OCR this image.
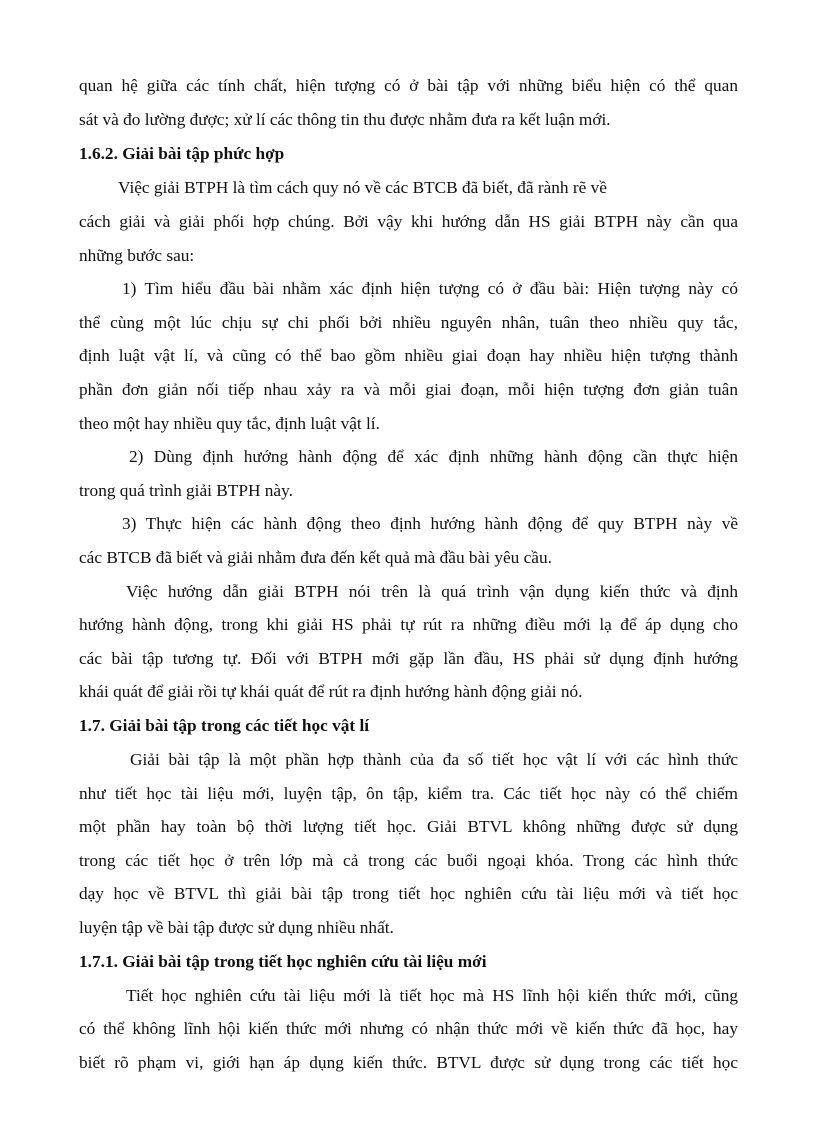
quan hệ giữa các tính chất, hiện tượng có ở bài tập với những biểu hiện có thể quan
sát và đo lường được; xử lí các thông tin thu được nhằm đưa ra kết luận mới.
1.6.2. Giải bài tập phức hợp
Việc giải BTPH là tìm cách quy nó về các BTCB đã biết, đã rành rẽ về
cách giải và giải phối hợp chúng. Bởi vậy khi hướng dẫn HS giải BTPH này cần qua
những bước sau:
1) Tìm hiểu đầu bài nhằm xác định hiện tượng có ở đầu bài: Hiện tượng này có
thể cùng một lúc chịu sự chi phối bởi nhiều nguyên nhân, tuân theo nhiều quy tắc,
định luật vật lí, và cũng có thể bao gồm nhiều giai đoạn hay nhiều hiện tượng thành
phần đơn giản nối tiếp nhau xảy ra và mỗi giai đoạn, mỗi hiện tượng đơn giản tuân
theo một hay nhiều quy tắc, định luật vật lí.
2) Dùng định hướng hành động để xác định những hành động cần thực hiện
trong quá trình giải BTPH này.
3) Thực hiện các hành động theo định hướng hành động để quy BTPH này về
các BTCB đã biết và giải nhằm đưa đến kết quả mà đầu bài yêu cầu.
Việc hướng dẫn giải BTPH nói trên là quá trình vận dụng kiến thức và định
hướng hành động, trong khi giải HS phải tự rút ra những điều mới lạ để áp dụng cho
các bài tập tương tự. Đối với BTPH mới gặp lần đầu, HS phải sử dụng định hướng
khái quát để giải rồi tự khái quát để rút ra định hướng hành động giải nó.
1.7. Giải bài tập trong các tiết học vật lí
Giải bài tập là một phần hợp thành của đa số tiết học vật lí với các hình thức
như tiết học tài liệu mới, luyện tập, ôn tập, kiểm tra. Các tiết học này có thể chiếm
một phần hay toàn bộ thời lượng tiết học. Giải BTVL không những được sử dụng
trong các tiết học ở trên lớp mà cả trong các buổi ngoại khóa. Trong các hình thức
dạy học về BTVL thì giải bài tập trong tiết học nghiên cứu tài liệu mới và tiết học
luyện tập về bài tập được sử dụng nhiều nhất.
1.7.1. Giải bài tập trong tiết học nghiên cứu tài liệu mới
Tiết học nghiên cứu tài liệu mới là tiết học mà HS lĩnh hội kiến thức mới, cũng
có thể không lĩnh hội kiến thức mới nhưng có nhận thức mới về kiến thức đã học, hay
biết rõ phạm vi, giới hạn áp dụng kiến thức. BTVL được sử dụng trong các tiết học
